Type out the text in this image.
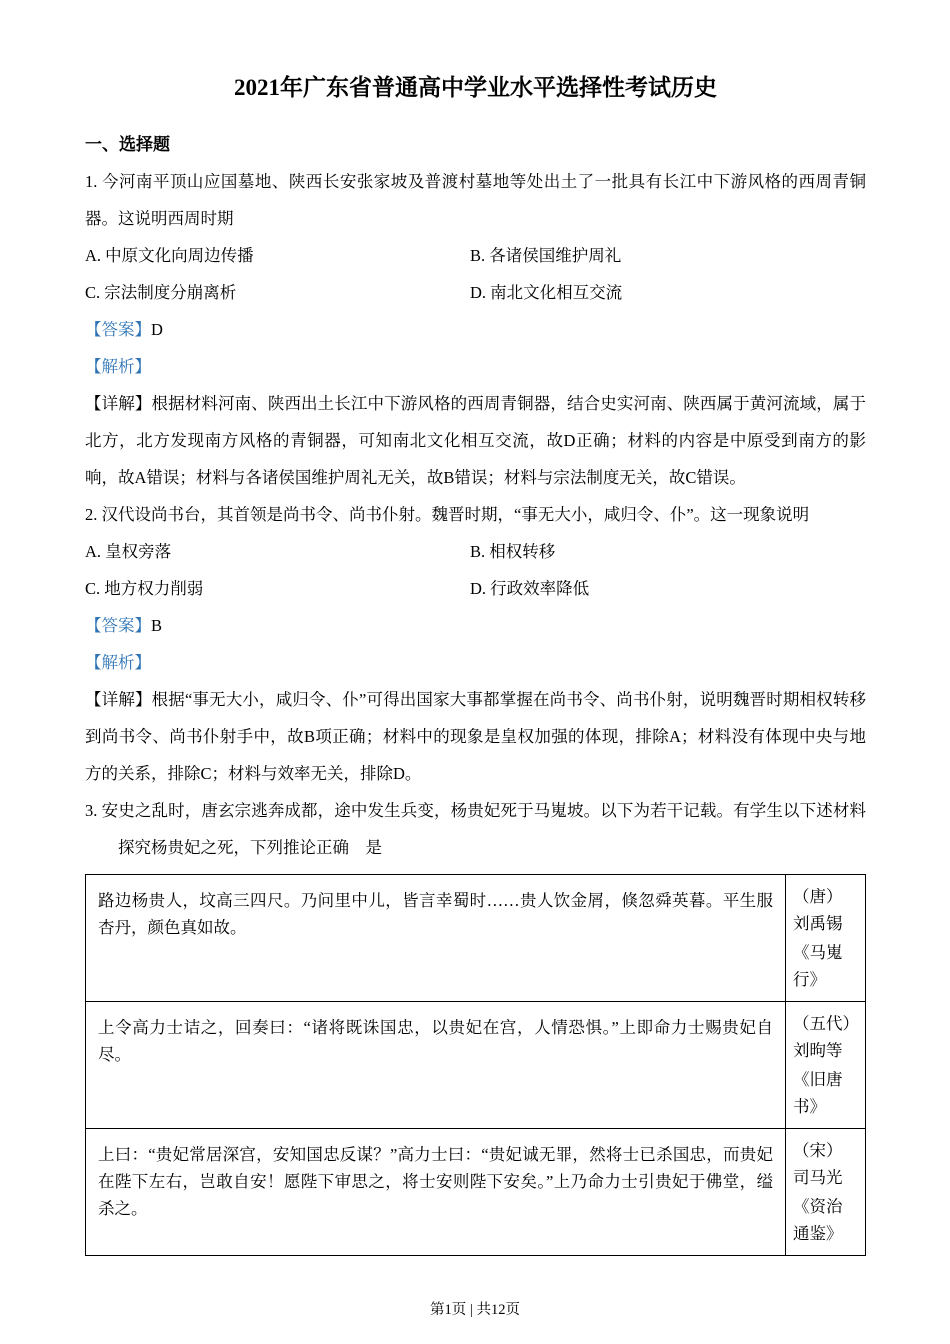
2021年广东省普通高中学业水平选择性考试历史
一、选择题

1. 今河南平顶山应国墓地、陕西长安张家坡及普渡村墓地等处出土了一批具有长江中下游风格的西周青铜器。这说明西周时期

A. 中原文化向周边传播	B. 各诸侯国维护周礼
C. 宗法制度分崩离析	D. 南北文化相互交流

【答案】D

【解析】

【详解】根据材料河南、陕西出土长江中下游风格的西周青铜器，结合史实河南、陕西属于黄河流域，属于北方，北方发现南方风格的青铜器，可知南北文化相互交流，故D正确；材料的内容是中原受到南方的影响，故A错误；材料与各诸侯国维护周礼无关，故B错误；材料与宗法制度无关，故C错误。

2. 汉代设尚书台，其首领是尚书令、尚书仆射。魏晋时期，“事无大小，咸归令、仆”。这一现象说明

A. 皇权旁落	B. 相权转移
C. 地方权力削弱	D. 行政效率降低

【答案】B

【解析】

【详解】根据“事无大小，咸归令、仆”可得出国家大事都掌握在尚书令、尚书仆射，说明魏晋时期相权转移到尚书令、尚书仆射手中，故B项正确；材料中的现象是皇权加强的体现，排除A；材料没有体现中央与地方的关系，排除C；材料与效率无关，排除D。

3. 安史之乱时，唐玄宗逃奔成都，途中发生兵变，杨贵妃死于马嵬坡。以下为若干记载。有学生以下述材料探究杨贵妃之死，下列推论正确　是

路边杨贵人，坟高三四尺。乃问里中儿，皆言幸蜀时……贵人饮金屑，倏忽舜英暮。平生服杏丹，颜色真如故。	（唐）刘禹锡
《马嵬行》

上令高力士诘之，回奏曰：“诸将既诛国忠，以贵妃在宫，人情恐惧。”上即命力士赐贵妃自尽。	（五代）刘昫等
《旧唐书》

上曰：“贵妃常居深宫，安知国忠反谋？”高力士曰：“贵妃诚无罪，然将士已杀国忠，而贵妃在陛下左右，岂敢自安！愿陛下审思之，将士安则陛下安矣。”上乃命力士引贵妃于佛堂，缢杀之。	（宋）司马光
《资治通鉴》
第1页 | 共12页
